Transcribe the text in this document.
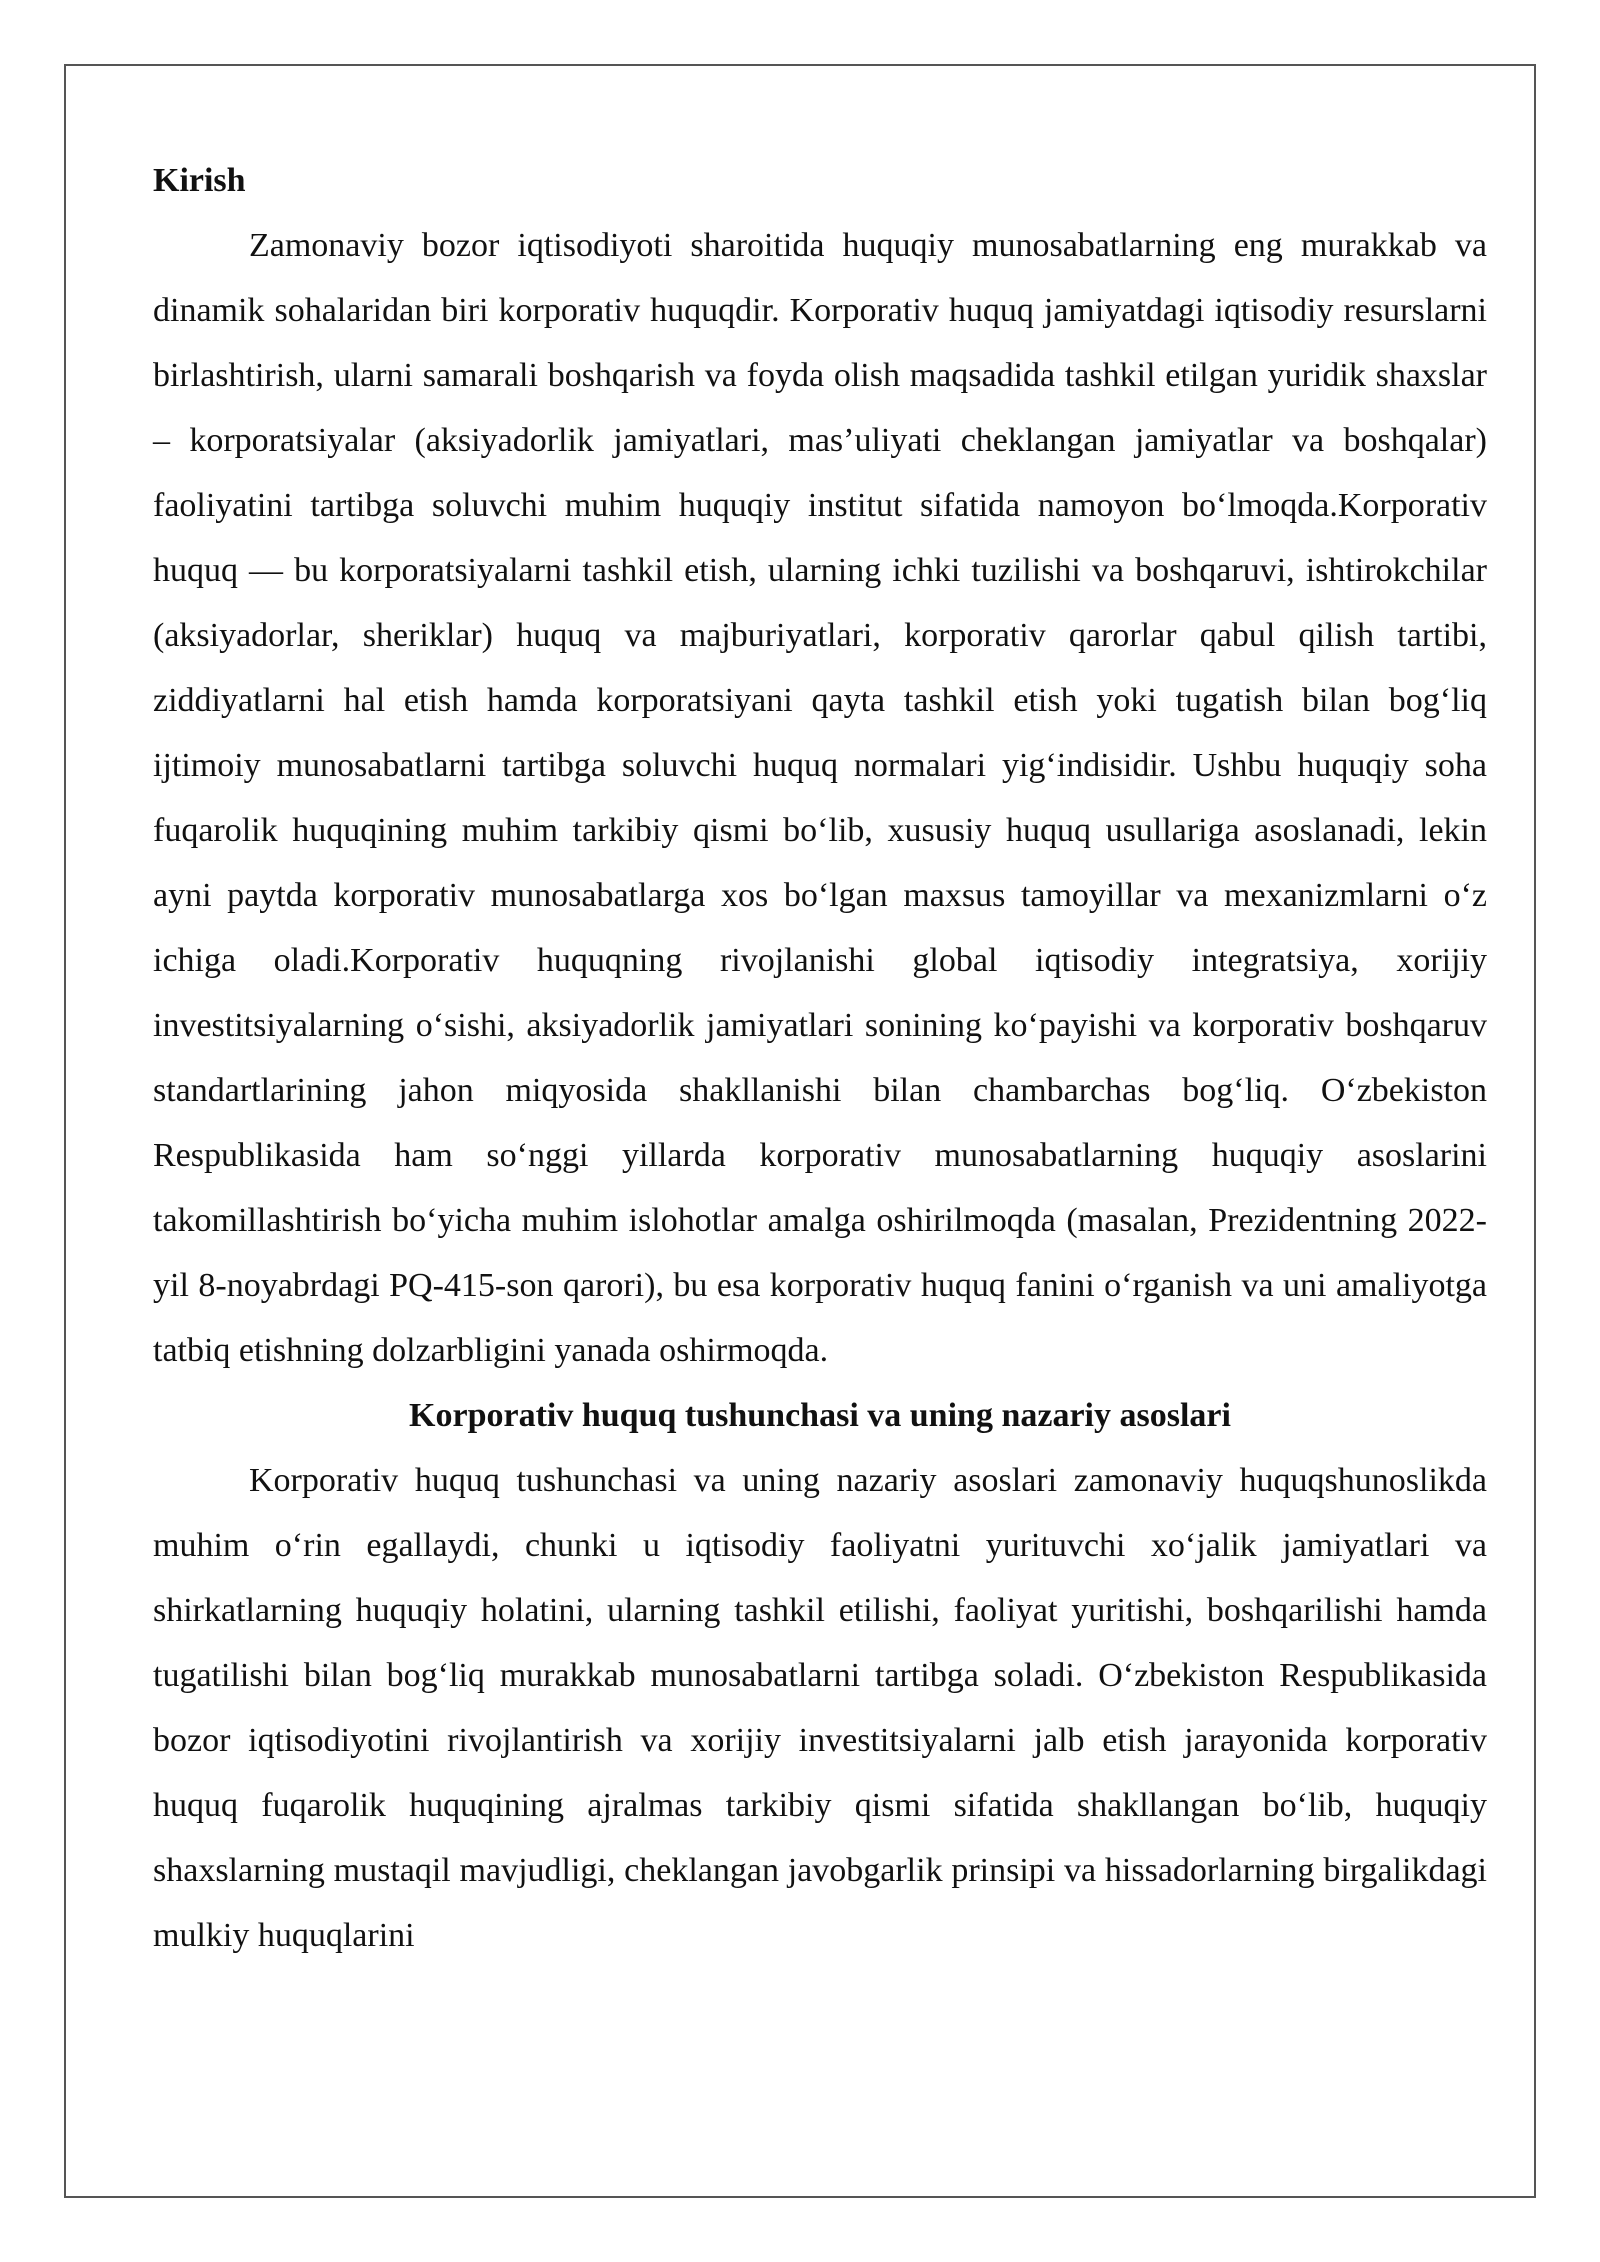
Kirish

Zamonaviy bozor iqtisodiyoti sharoitida huquqiy munosabatlarning eng murakkab va dinamik sohalaridan biri korporativ huquqdir. Korporativ huquq jamiyatdagi iqtisodiy resurslarni birlashtirish, ularni samarali boshqarish va foyda olish maqsadida tashkil etilgan yuridik shaxslar – korporatsiyalar (aksiyadorlik jamiyatlari, mas’uliyati cheklangan jamiyatlar va boshqalar) faoliyatini tartibga soluvchi muhim huquqiy institut sifatida namoyon boʻlmoqda.Korporativ huquq — bu korporatsiyalarni tashkil etish, ularning ichki tuzilishi va boshqaruvi, ishtirokchilar (aksiyadorlar, sheriklar) huquq va majburiyatlari, korporativ qarorlar qabul qilish tartibi, ziddiyatlarni hal etish hamda korporatsiyani qayta tashkil etish yoki tugatish bilan bogʻliq ijtimoiy munosabatlarni tartibga soluvchi huquq normalari yigʻindisidir. Ushbu huquqiy soha fuqarolik huquqining muhim tarkibiy qismi boʻlib, xususiy huquq usullariga asoslanadi, lekin ayni paytda korporativ munosabatlarga xos boʻlgan maxsus tamoyillar va mexanizmlarni oʻz ichiga oladi.Korporativ huquqning rivojlanishi global iqtisodiy integratsiya, xorijiy investitsiyalarning oʻsishi, aksiyadorlik jamiyatlari sonining koʻpayishi va korporativ boshqaruv standartlarining jahon miqyosida shakllanishi bilan chambarchas bogʻliq. Oʻzbekiston Respublikasida ham soʻnggi yillarda korporativ munosabatlarning huquqiy asoslarini takomillashtirish boʻyicha muhim islohotlar amalga oshirilmoqda (masalan, Prezidentning 2022-yil 8-noyabrdagi PQ-415-son qarori), bu esa korporativ huquq fanini oʻrganish va uni amaliyotga tatbiq etishning dolzarbligini yanada oshirmoqda.

Korporativ huquq tushunchasi va uning nazariy asoslari

Korporativ huquq tushunchasi va uning nazariy asoslari zamonaviy huquqshunoslikda muhim oʻrin egallaydi, chunki u iqtisodiy faoliyatni yurituvchi xoʻjalik jamiyatlari va shirkatlarning huquqiy holatini, ularning tashkil etilishi, faoliyat yuritishi, boshqarilishi hamda tugatilishi bilan bogʻliq murakkab munosabatlarni tartibga soladi. Oʻzbekiston Respublikasida bozor iqtisodiyotini rivojlantirish va xorijiy investitsiyalarni jalb etish jarayonida korporativ huquq fuqarolik huquqining ajralmas tarkibiy qismi sifatida shakllangan boʻlib, huquqiy shaxslarning mustaqil mavjudligi, cheklangan javobgarlik prinsipi va hissadorlarning birgalikdagi mulkiy huquqlarini
